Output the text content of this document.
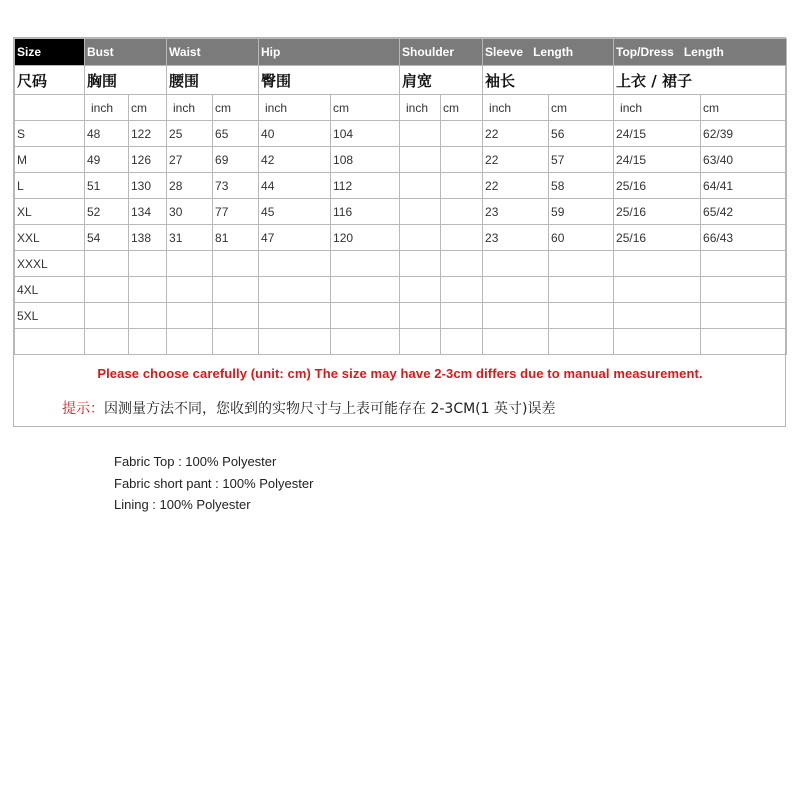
Size	Bust		Waist		Hip		Shoulder		Sleeve   Length		Top/Dress   Length	
尺码	胸围		腰围		臀围		肩宽		袖长		上衣 / 裙子	
	inch	cm	inch	cm	inch	cm	inch	cm	inch	cm	inch	cm
S	48	122	25	65	40	104			22	56	24/15	62/39
M	49	126	27	69	42	108			22	57	24/15	63/40
L	51	130	28	73	44	112			22	58	25/16	64/41
XL	52	134	30	77	45	116			23	59	25/16	65/42
XXL	54	138	31	81	47	120			23	60	25/16	66/43
XXXL												
4XL												
5XL												

Please choose carefully (unit: cm) The size may have 2-3cm differs due to manual measurement.
提示：因测量方法不同，您收到的实物尺寸与上表可能存在 2-3CM(1 英寸)误差
Fabric Top : 100% Polyester
Fabric short pant : 100% Polyester
Lining : 100% Polyester
